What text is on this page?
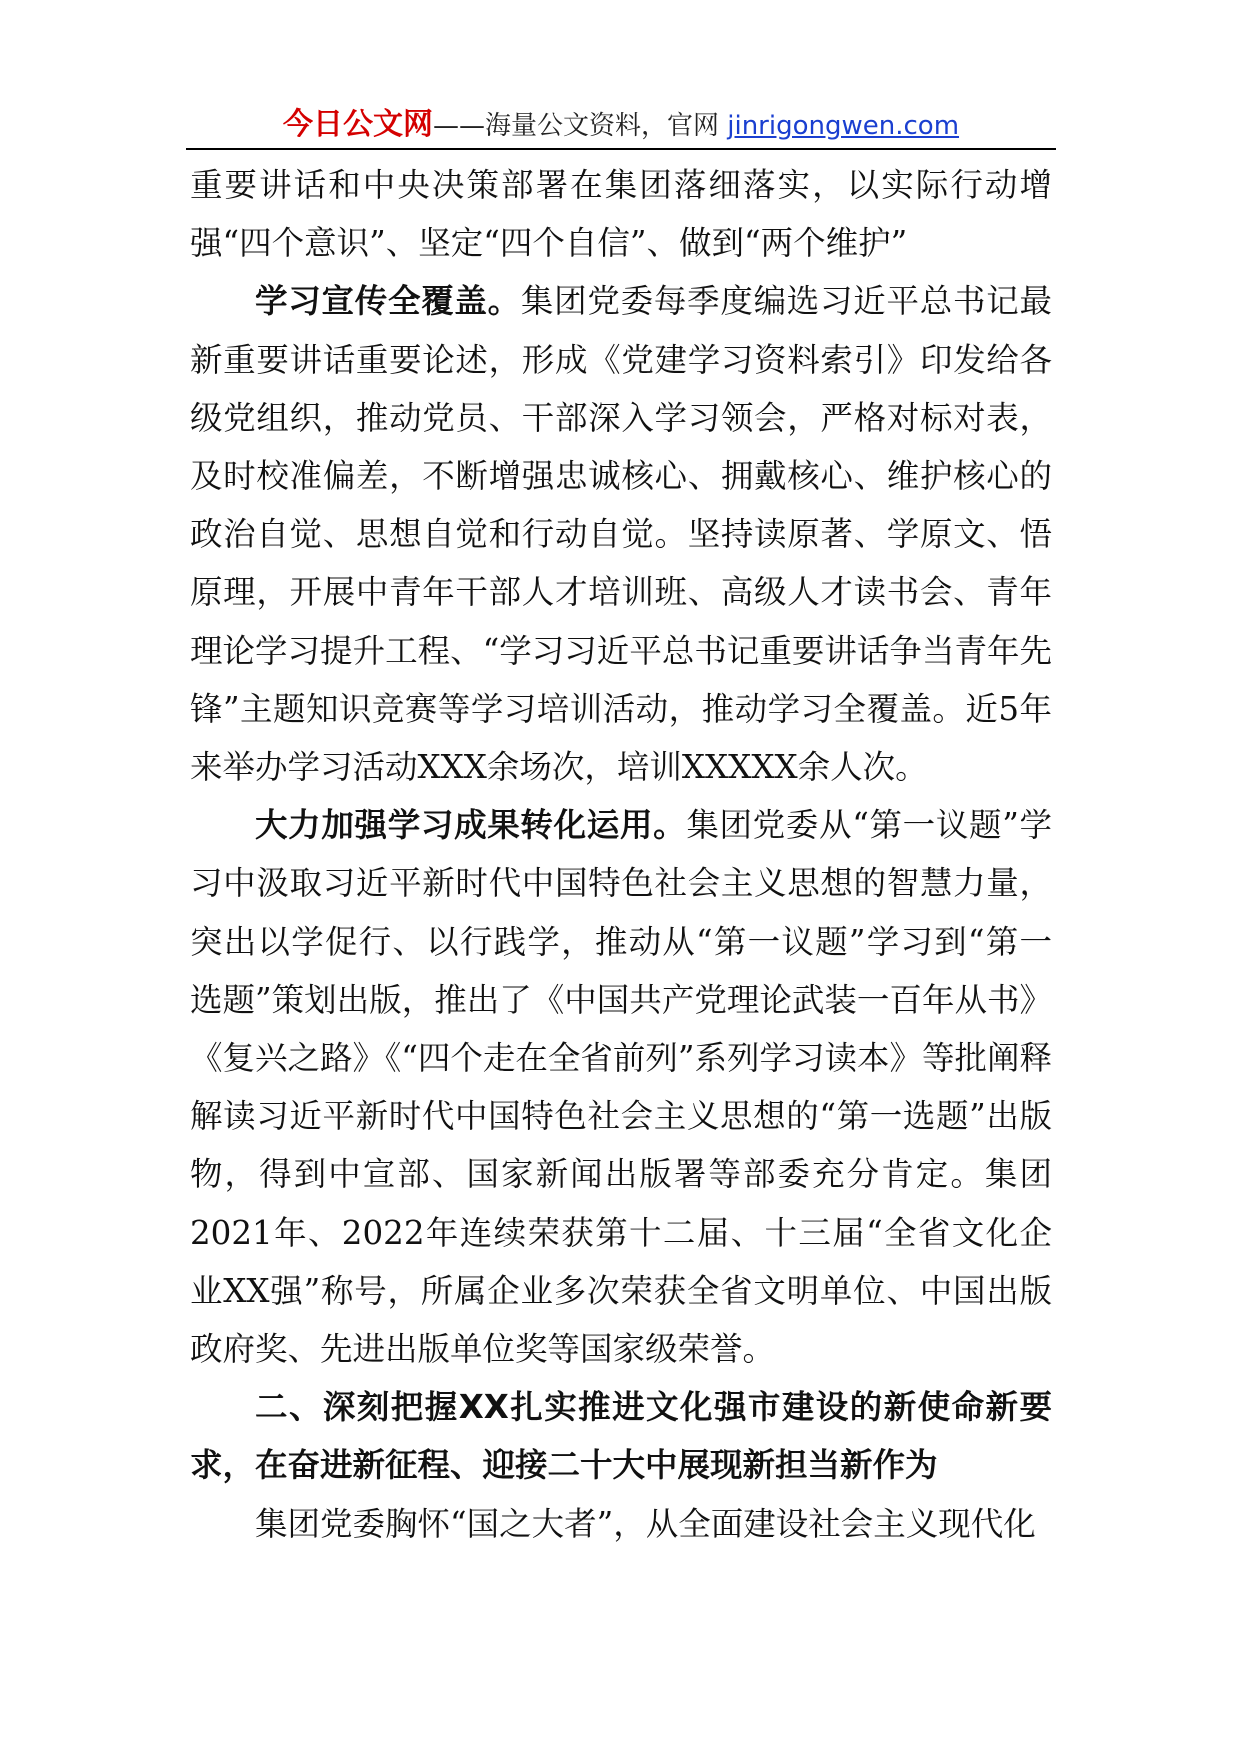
今日公文网——海量公文资料，官网 jinrigongwen.com

重要讲话和中央决策部署在集团落细落实，以实际行动增强“四个意识”、坚定“四个自信”、做到“两个维护”

学习宣传全覆盖。集团党委每季度编选习近平总书记最新重要讲话重要论述，形成《党建学习资料索引》印发给各级党组织，推动党员、干部深入学习领会，严格对标对表，及时校准偏差，不断增强忠诚核心、拥戴核心、维护核心的政治自觉、思想自觉和行动自觉。坚持读原著、学原文、悟原理，开展中青年干部人才培训班、高级人才读书会、青年理论学习提升工程、“学习习近平总书记重要讲话争当青年先锋”主题知识竞赛等学习培训活动，推动学习全覆盖。近5年来举办学习活动XXX余场次，培训XXXXX余人次。

大力加强学习成果转化运用。集团党委从“第一议题”学习中汲取习近平新时代中国特色社会主义思想的智慧力量，突出以学促行、以行践学，推动从“第一议题”学习到“第一选题”策划出版，推出了《中国共产党理论武装一百年从书》《复兴之路》《“四个走在全省前列”系列学习读本》等批阐释解读习近平新时代中国特色社会主义思想的“第一选题”出版物，得到中宣部、国家新闻出版署等部委充分肯定。集团2021年、2022年连续荣获第十二届、十三届“全省文化企业XX强”称号，所属企业多次荣获全省文明单位、中国出版政府奖、先进出版单位奖等国家级荣誉。

二、深刻把握XX扎实推进文化强市建设的新使命新要求，在奋进新征程、迎接二十大中展现新担当新作为

集团党委胸怀“国之大者”，从全面建设社会主义现代化
